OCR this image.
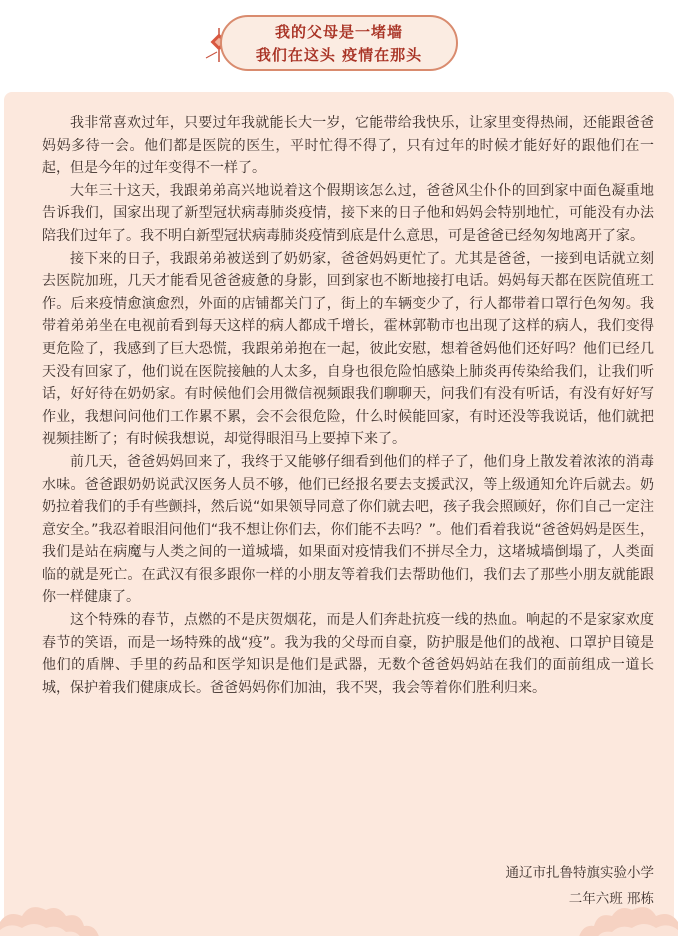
我的父母是一堵墙
我们在这头 疫情在那头

我非常喜欢过年，只要过年我就能长大一岁，它能带给我快乐，让家里变得热闹，还能跟爸爸妈妈多待一会。他们都是医院的医生，平时忙得不得了，只有过年的时候才能好好的跟他们在一起，但是今年的过年变得不一样了。

大年三十这天，我跟弟弟高兴地说着这个假期该怎么过，爸爸风尘仆仆的回到家中面色凝重地告诉我们，国家出现了新型冠状病毒肺炎疫情，接下来的日子他和妈妈会特别地忙，可能没有办法陪我们过年了。我不明白新型冠状病毒肺炎疫情到底是什么意思，可是爸爸已经匆匆地离开了家。

接下来的日子，我跟弟弟被送到了奶奶家，爸爸妈妈更忙了。尤其是爸爸，一接到电话就立刻去医院加班，几天才能看见爸爸疲惫的身影，回到家也不断地接打电话。妈妈每天都在医院值班工作。后来疫情愈演愈烈，外面的店铺都关门了，街上的车辆变少了，行人都带着口罩行色匆匆。我带着弟弟坐在电视前看到每天这样的病人都成千增长，霍林郭勒市也出现了这样的病人，我们变得更危险了，我感到了巨大恐慌，我跟弟弟抱在一起，彼此安慰，想着爸妈他们还好吗？他们已经几天没有回家了，他们说在医院接触的人太多，自身也很危险怕感染上肺炎再传染给我们，让我们听话，好好待在奶奶家。有时候他们会用微信视频跟我们聊聊天，问我们有没有听话，有没有好好写作业，我想问问他们工作累不累，会不会很危险，什么时候能回家，有时还没等我说话，他们就把视频挂断了；有时候我想说，却觉得眼泪马上要掉下来了。

前几天，爸爸妈妈回来了，我终于又能够仔细看到他们的样子了，他们身上散发着浓浓的消毒水味。爸爸跟奶奶说武汉医务人员不够，他们已经报名要去支援武汉，等上级通知允许后就去。奶奶拉着我们的手有些颤抖，然后说“如果领导同意了你们就去吧，孩子我会照顾好，你们自己一定注意安全。”我忍着眼泪问他们“我不想让你们去，你们能不去吗？”。他们看着我说“爸爸妈妈是医生，我们是站在病魔与人类之间的一道城墙，如果面对疫情我们不拼尽全力，这堵城墙倒塌了，人类面临的就是死亡。在武汉有很多跟你一样的小朋友等着我们去帮助他们，我们去了那些小朋友就能跟你一样健康了。

这个特殊的春节，点燃的不是庆贺烟花，而是人们奔赴抗疫一线的热血。响起的不是家家欢度春节的笑语，而是一场特殊的战“疫”。我为我的父母而自豪，防护服是他们的战袍、口罩护目镜是他们的盾牌、手里的药品和医学知识是他们是武器，无数个爸爸妈妈站在我们的面前组成一道长城，保护着我们健康成长。爸爸妈妈你们加油，我不哭，我会等着你们胜利归来。

通辽市扎鲁特旗实验小学
二年六班 邢栋
